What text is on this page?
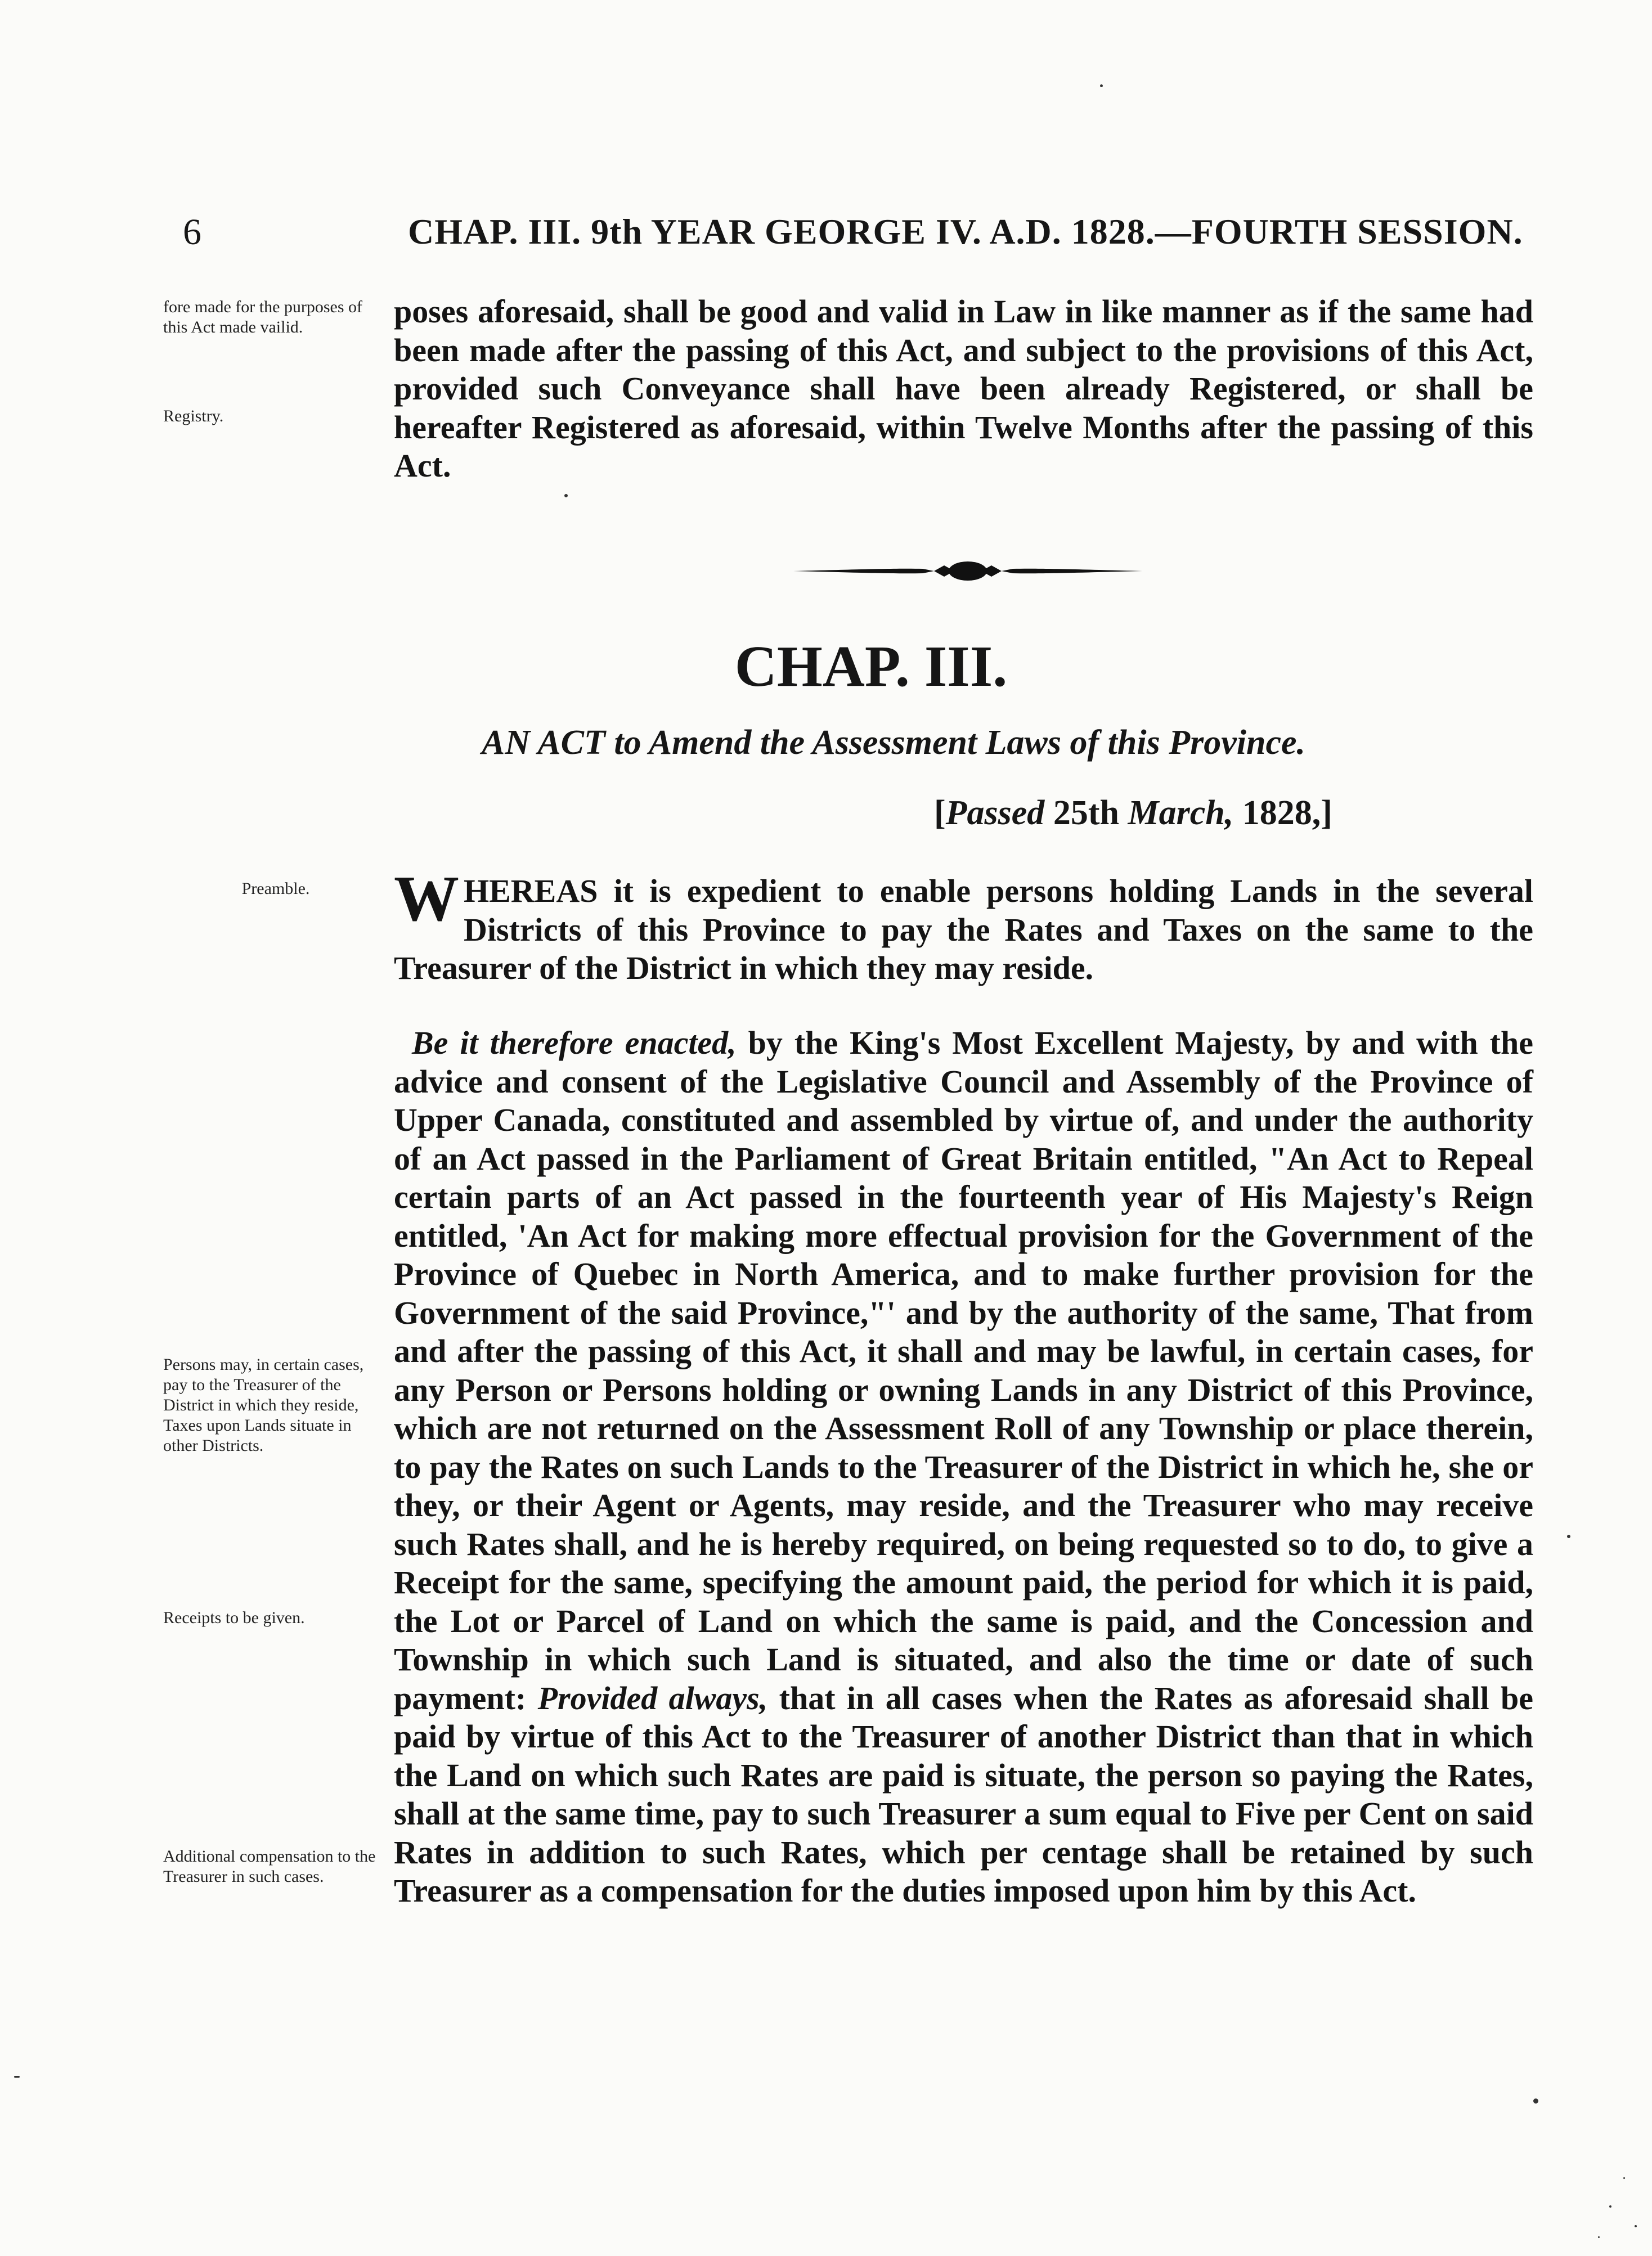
6	CHAP. III. 9th YEAR GEORGE IV. A.D. 1828.—FOURTH SESSION.
fore made for the purposes of this Act made vailid.
Registry.
Preamble.
Persons may, in certain cases, pay to the Treasurer of the District in which they reside, Taxes upon Lands situate in other Districts.
Receipts to be given.
Additional compensation to the Treasurer in such cases.
poses aforesaid, shall be good and valid in Law in like manner as if the same had been made after the passing of this Act, and subject to the provisions of this Act, provided such Conveyance shall have been already Registered, or shall be hereafter Registered as aforesaid, within Twelve Months after the passing of this Act.
CHAP. III.
AN ACT to Amend the Assessment Laws of this Province.
[Passed 25th March, 1828,]
WHEREAS it is expedient to enable persons holding Lands in the several Districts of this Province to pay the Rates and Taxes on the same to the Treasurer of the District in which they may reside.
Be it therefore enacted, by the King's Most Excellent Majesty, by and with the advice and consent of the Legislative Council and Assembly of the Province of Upper Canada, constituted and assembled by virtue of, and under the authority of an Act passed in the Parliament of Great Britain entitled, "An Act to Repeal certain parts of an Act passed in the fourteenth year of His Majesty's Reign entitled, 'An Act for making more effectual provision for the Government of the Province of Quebec in North America, and to make further provision for the Government of the said Province,"' and by the authority of the same, That from and after the passing of this Act, it shall and may be lawful, in certain cases, for any Person or Persons holding or owning Lands in any District of this Province, which are not returned on the Assessment Roll of any Township or place therein, to pay the Rates on such Lands to the Treasurer of the District in which he, she or they, or their Agent or Agents, may reside, and the Treasurer who may receive such Rates shall, and he is hereby required, on being requested so to do, to give a Receipt for the same, specifying the amount paid, the period for which it is paid, the Lot or Parcel of Land on which the same is paid, and the Concession and Township in which such Land is situated, and also the time or date of such payment: Provided always, that in all cases when the Rates as aforesaid shall be paid by virtue of this Act to the Treasurer of another District than that in which the Land on which such Rates are paid is situate, the person so paying the Rates, shall at the same time, pay to such Treasurer a sum equal to Five per Cent on said Rates in addition to such Rates, which per centage shall be retained by such Treasurer as a compensation for the duties imposed upon him by this Act.
